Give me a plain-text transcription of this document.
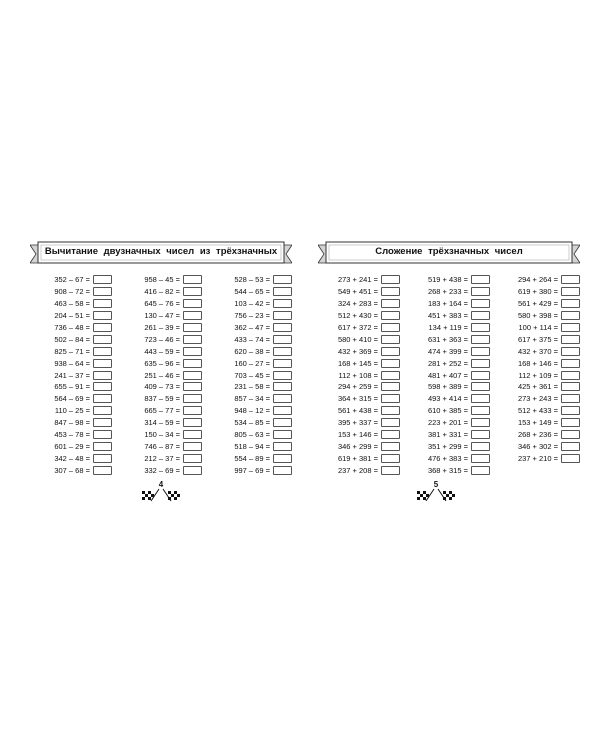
Вычитание двузначных чисел из трёхзначных
352 – 67 =
908 – 72 =
463 – 58 =
204 – 51 =
736 – 48 =
502 – 84 =
825 – 71 =
938 – 64 =
241 – 37 =
655 – 91 =
564 – 69 =
110 – 25 =
847 – 98 =
453 – 78 =
601 – 29 =
342 – 48 =
307 – 68 =
958 – 45 =
416 – 82 =
645 – 76 =
130 – 47 =
261 – 39 =
723 – 46 =
443 – 59 =
635 – 96 =
251 – 46 =
409 – 73 =
837 – 59 =
665 – 77 =
314 – 59 =
150 – 34 =
746 – 87 =
212 – 37 =
332 – 69 =
528 – 53 =
544 – 65 =
103 – 42 =
756 – 23 =
362 – 47 =
433 – 74 =
620 – 38 =
160 – 27 =
703 – 45 =
231 – 58 =
857 – 34 =
948 – 12 =
534 – 85 =
805 – 63 =
518 – 94 =
554 – 89 =
997 – 69 =
4
Сложение трёхзначных чисел
273 + 241 =
549 + 451 =
324 + 283 =
512 + 430 =
617 + 372 =
580 + 410 =
432 + 369 =
168 + 145 =
112 + 108 =
294 + 259 =
364 + 315 =
561 + 438 =
395 + 337 =
153 + 146 =
346 + 299 =
619 + 381 =
237 + 208 =
519 + 438 =
268 + 233 =
183 + 164 =
451 + 383 =
134 + 119 =
631 + 363 =
474 + 399 =
281 + 252 =
481 + 407 =
598 + 389 =
493 + 414 =
610 + 385 =
223 + 201 =
381 + 331 =
351 + 299 =
476 + 383 =
368 + 315 =
294 + 264 =
619 + 380 =
561 + 429 =
580 + 398 =
100 + 114 =
617 + 375 =
432 + 370 =
168 + 146 =
112 + 109 =
425 + 361 =
273 + 243 =
512 + 433 =
153 + 149 =
268 + 236 =
346 + 302 =
237 + 210 =
5
